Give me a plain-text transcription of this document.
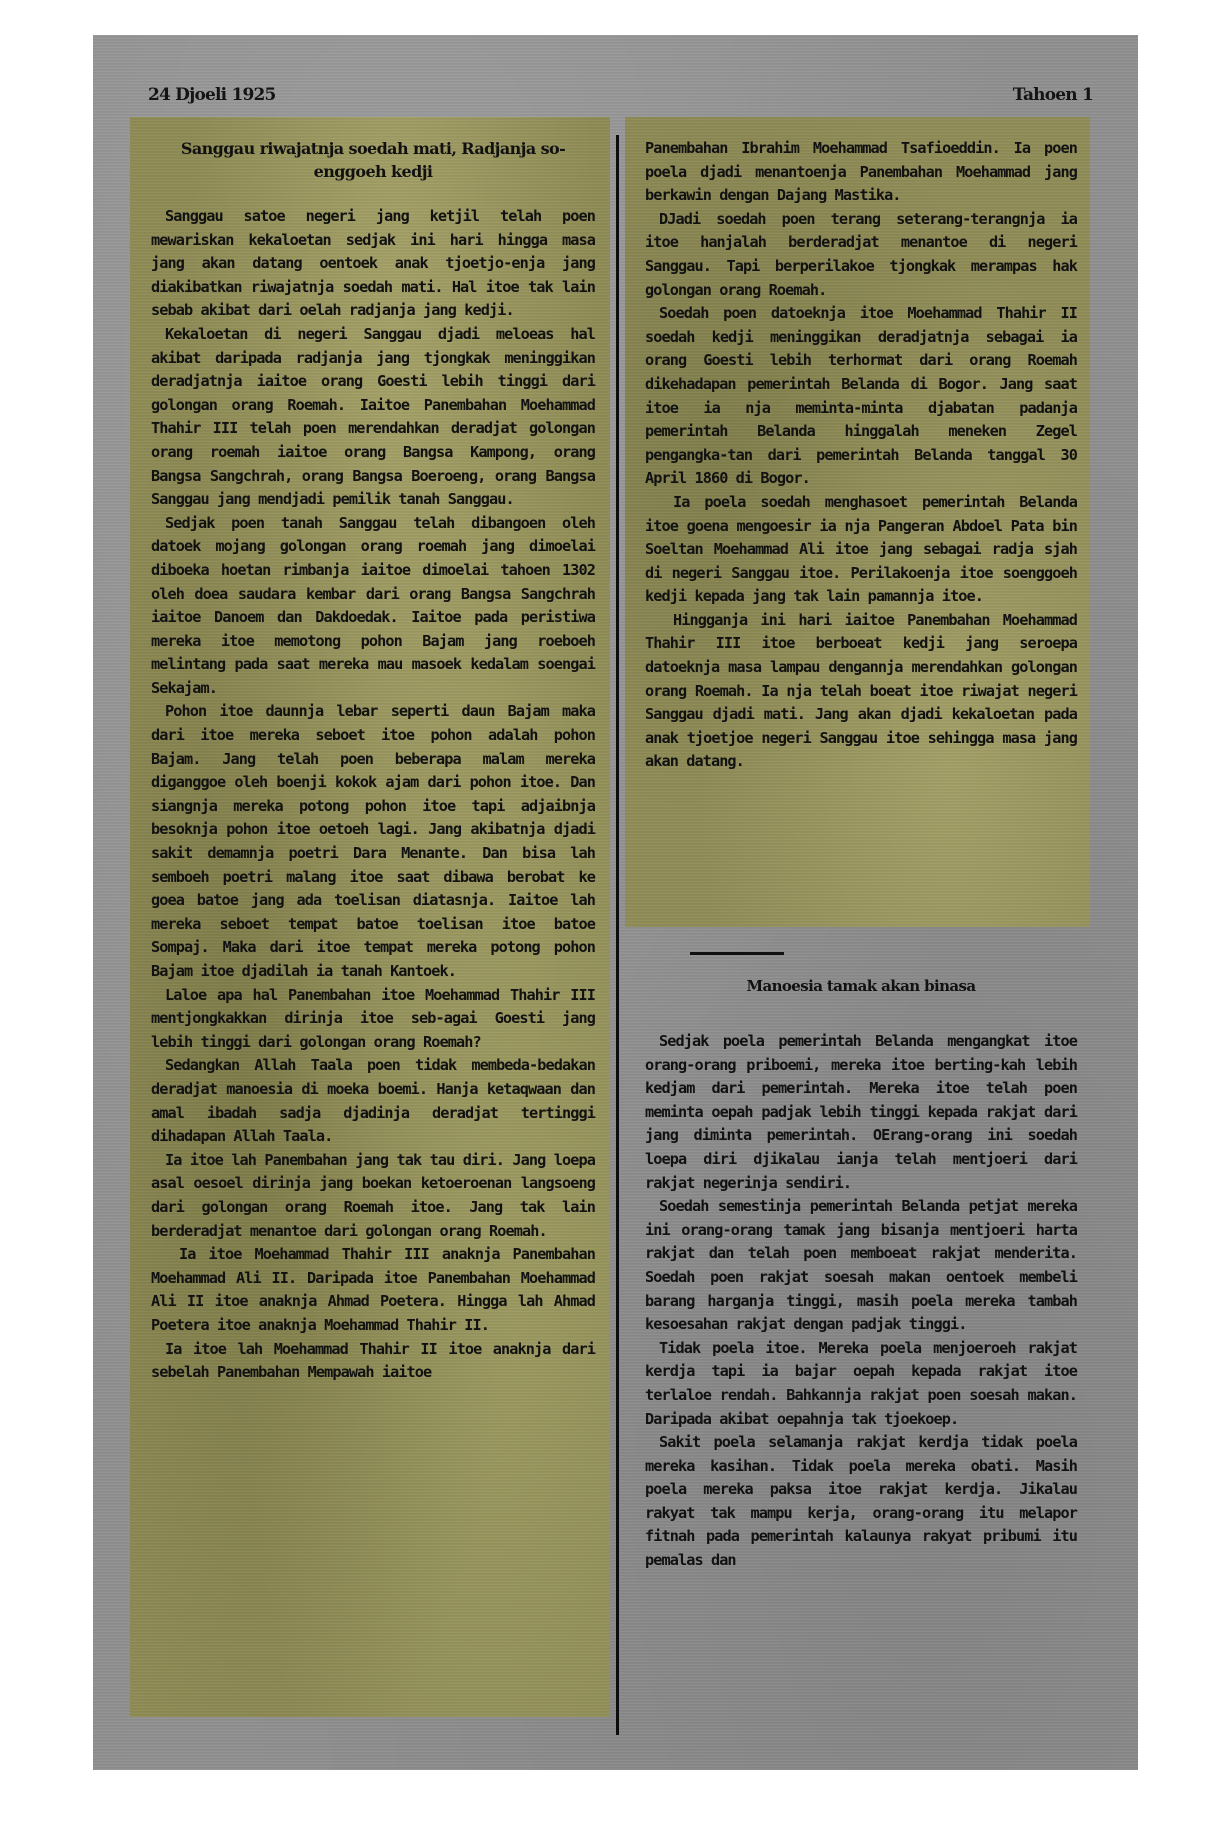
24 Djoeli 1925	Tahoen 1
Sanggau riwajatnja soedah mati, Radjanja so-enggoeh kedji

Sanggau satoe negeri jang ketjil telah poen mewariskan kekaloetan sedjak ini hari hingga masa jang akan datang oentoek anak tjoetjo-enja jang diakibatkan riwajatnja soedah mati. Hal itoe tak lain sebab akibat dari oelah radjanja jang kedji.

Kekaloetan di negeri Sanggau djadi meloeas hal akibat daripada radjanja jang tjongkak meninggikan deradjatnja iaitoe orang Goesti lebih tinggi dari golongan orang Roemah. Iaitoe Panembahan Moehammad Thahir III telah poen merendahkan deradjat golongan orang roemah iaitoe orang Bangsa Kampong, orang Bangsa Sangchrah, orang Bangsa Boeroeng, orang Bangsa Sanggau jang mendjadi pemilik tanah Sanggau.

Sedjak poen tanah Sanggau telah dibangoen oleh datoek mojang golongan orang roemah jang dimoelai diboeka hoetan rimbanja iaitoe dimoelai tahoen 1302 oleh doea saudara kembar dari orang Bangsa Sangchrah iaitoe Danoem dan Dakdoedak. Iaitoe pada peristiwa mereka itoe memotong pohon Bajam jang roeboeh melintang pada saat mereka mau masoek kedalam soengai Sekajam.

Pohon itoe daunnja lebar seperti daun Bajam maka dari itoe mereka seboet itoe pohon adalah pohon Bajam. Jang telah poen beberapa malam mereka diganggoe oleh boenji kokok ajam dari pohon itoe. Dan siangnja mereka potong pohon itoe tapi adjaibnja besoknja pohon itoe oetoeh lagi. Jang akibatnja djadi sakit demamnja poetri Dara Menante. Dan bisa lah semboeh poetri malang itoe saat dibawa berobat ke goea batoe jang ada toelisan diatasnja. Iaitoe lah mereka seboet tempat batoe toelisan itoe batoe Sompaj. Maka dari itoe tempat mereka potong pohon Bajam itoe djadilah ia tanah Kantoek.

Laloe apa hal Panembahan itoe Moehammad Thahir III mentjongkakkan dirinja itoe seb-agai Goesti jang lebih tinggi dari golongan orang Roemah?

Sedangkan Allah Taala poen tidak membeda-bedakan deradjat manoesia di moeka boemi. Hanja ketaqwaan dan amal ibadah sadja djadinja deradjat tertinggi dihadapan Allah Taala.

Ia itoe lah Panembahan jang tak tau diri. Jang loepa asal oesoel dirinja jang boekan ketoeroenan langsoeng dari golongan orang Roemah itoe. Jang tak lain berderadjat menantoe dari golongan orang Roemah.

Ia itoe Moehammad Thahir III anaknja Panembahan Moehammad Ali II. Daripada itoe Panembahan Moehammad Ali II itoe anaknja Ahmad Poetera. Hingga lah Ahmad Poetera itoe anaknja Moehammad Thahir II.

Ia itoe lah Moehammad Thahir II itoe anaknja dari sebelah Panembahan Mempawah iaitoe

Panembahan Ibrahim Moehammad Tsafioeddin. Ia poen poela djadi menantoenja Panembahan Moehammad jang berkawin dengan Dajang Mastika.

DJadi soedah poen terang seterang-terangnja ia itoe hanjalah berderadjat menantoe di negeri Sanggau. Tapi berperilakoe tjongkak merampas hak golongan orang Roemah.

Soedah poen datoeknja itoe Moehammad Thahir II soedah kedji meninggikan deradjatnja sebagai ia orang Goesti lebih terhormat dari orang Roemah dikehadapan pemerintah Belanda di Bogor. Jang saat itoe ia nja meminta-minta djabatan padanja pemerintah Belanda hinggalah meneken Zegel pengangka-tan dari pemerintah Belanda tanggal 30 April 1860 di Bogor.

Ia poela soedah menghasoet pemerintah Belanda itoe goena mengoesir ia nja Pangeran Abdoel Pata bin Soeltan Moehammad Ali itoe jang sebagai radja sjah di negeri Sanggau itoe. Perilakoenja itoe soenggoeh kedji kepada jang tak lain pamannja itoe.

Hingganja ini hari iaitoe Panembahan Moehammad Thahir III itoe berboeat kedji jang seroepa datoeknja masa lampau dengannja merendahkan golongan orang Roemah. Ia nja telah boeat itoe riwajat negeri Sanggau djadi mati. Jang akan djadi kekaloetan pada anak tjoetjoe negeri Sanggau itoe sehingga masa jang akan datang.

Manoesia tamak akan binasa

Sedjak poela pemerintah Belanda mengangkat itoe orang-orang priboemi, mereka itoe berting-kah lebih kedjam dari pemerintah. Mereka itoe telah poen meminta oepah padjak lebih tinggi kepada rakjat dari jang diminta pemerintah. OErang-orang ini soedah loepa diri djikalau ianja telah mentjoeri dari rakjat negerinja sendiri.

Soedah semestinja pemerintah Belanda petjat mereka ini orang-orang tamak jang bisanja mentjoeri harta rakjat dan telah poen memboeat rakjat menderita. Soedah poen rakjat soesah makan oentoek membeli barang harganja tinggi, masih poela mereka tambah kesoesahan rakjat dengan padjak tinggi.

Tidak poela itoe. Mereka poela menjoeroeh rakjat kerdja tapi ia bajar oepah kepada rakjat itoe terlaloe rendah. Bahkannja rakjat poen soesah makan. Daripada akibat oepahnja tak tjoekoep.

Sakit poela selamanja rakjat kerdja tidak poela mereka kasihan. Tidak poela mereka obati. Masih poela mereka paksa itoe rakjat kerdja. Jikalau rakyat tak mampu kerja, orang-orang itu melapor fitnah pada pemerintah kalaunya rakyat pribumi itu pemalas dan
